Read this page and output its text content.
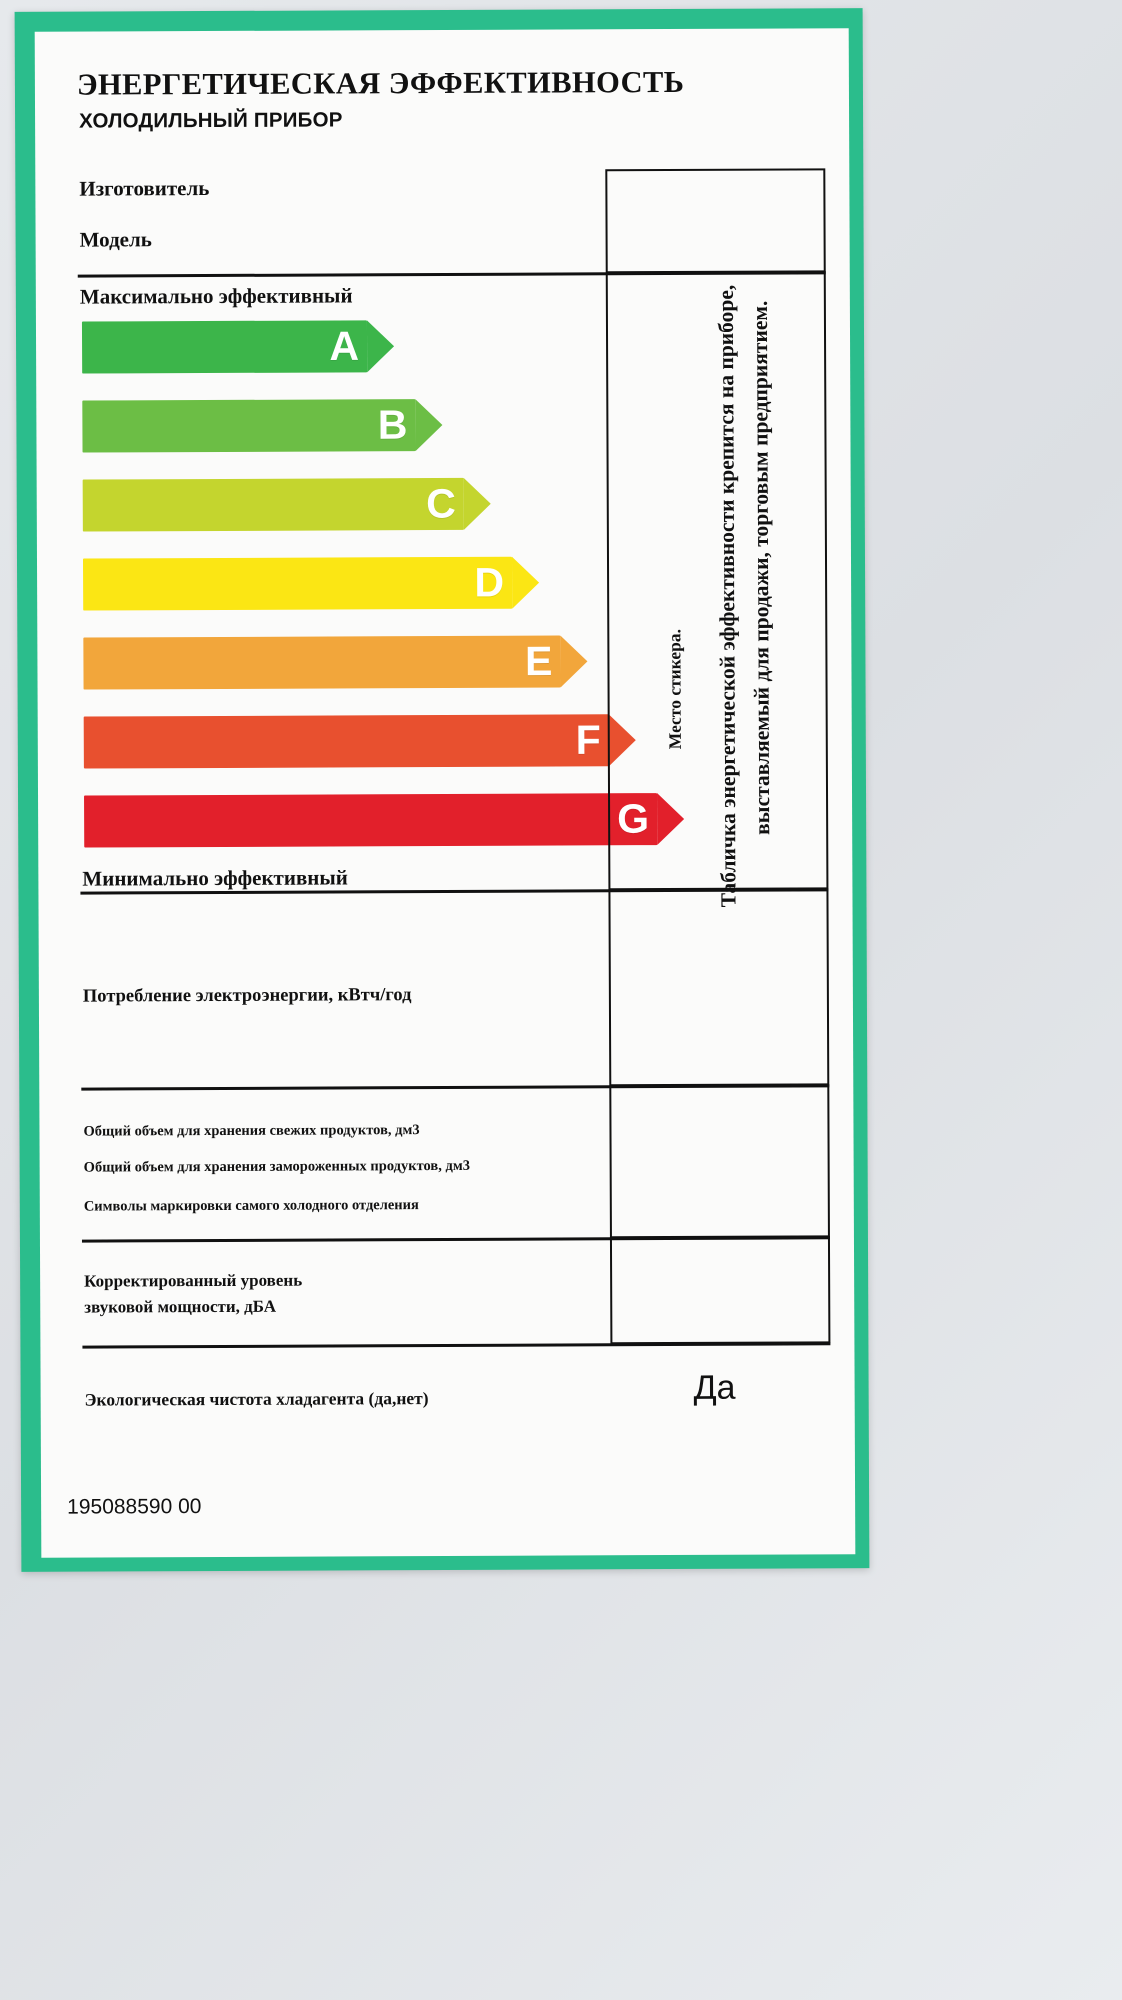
ЭНЕРГЕТИЧЕСКАЯ ЭФФЕКТИВНОСТЬ
ХОЛОДИЛЬНЫЙ ПРИБОР
Изготовитель
Модель
Максимально эффективный
A
B
C
D
E
F
G
Минимально эффективный
Потребление электроэнергии, кВтч/год
Общий объем для хранения свежих продуктов, дм3
Общий объем для хранения замороженных продуктов, дм3
Символы маркировки самого холодного отделения
Корректированный уровень
звуковой мощности, дБА
Экологическая чистота хладагента (да,нет)	Да
Место стикера. Табличка энергетической эффективности крепится на приборе, выставляемый для продажи, торговым предприятием.
195088590 00
